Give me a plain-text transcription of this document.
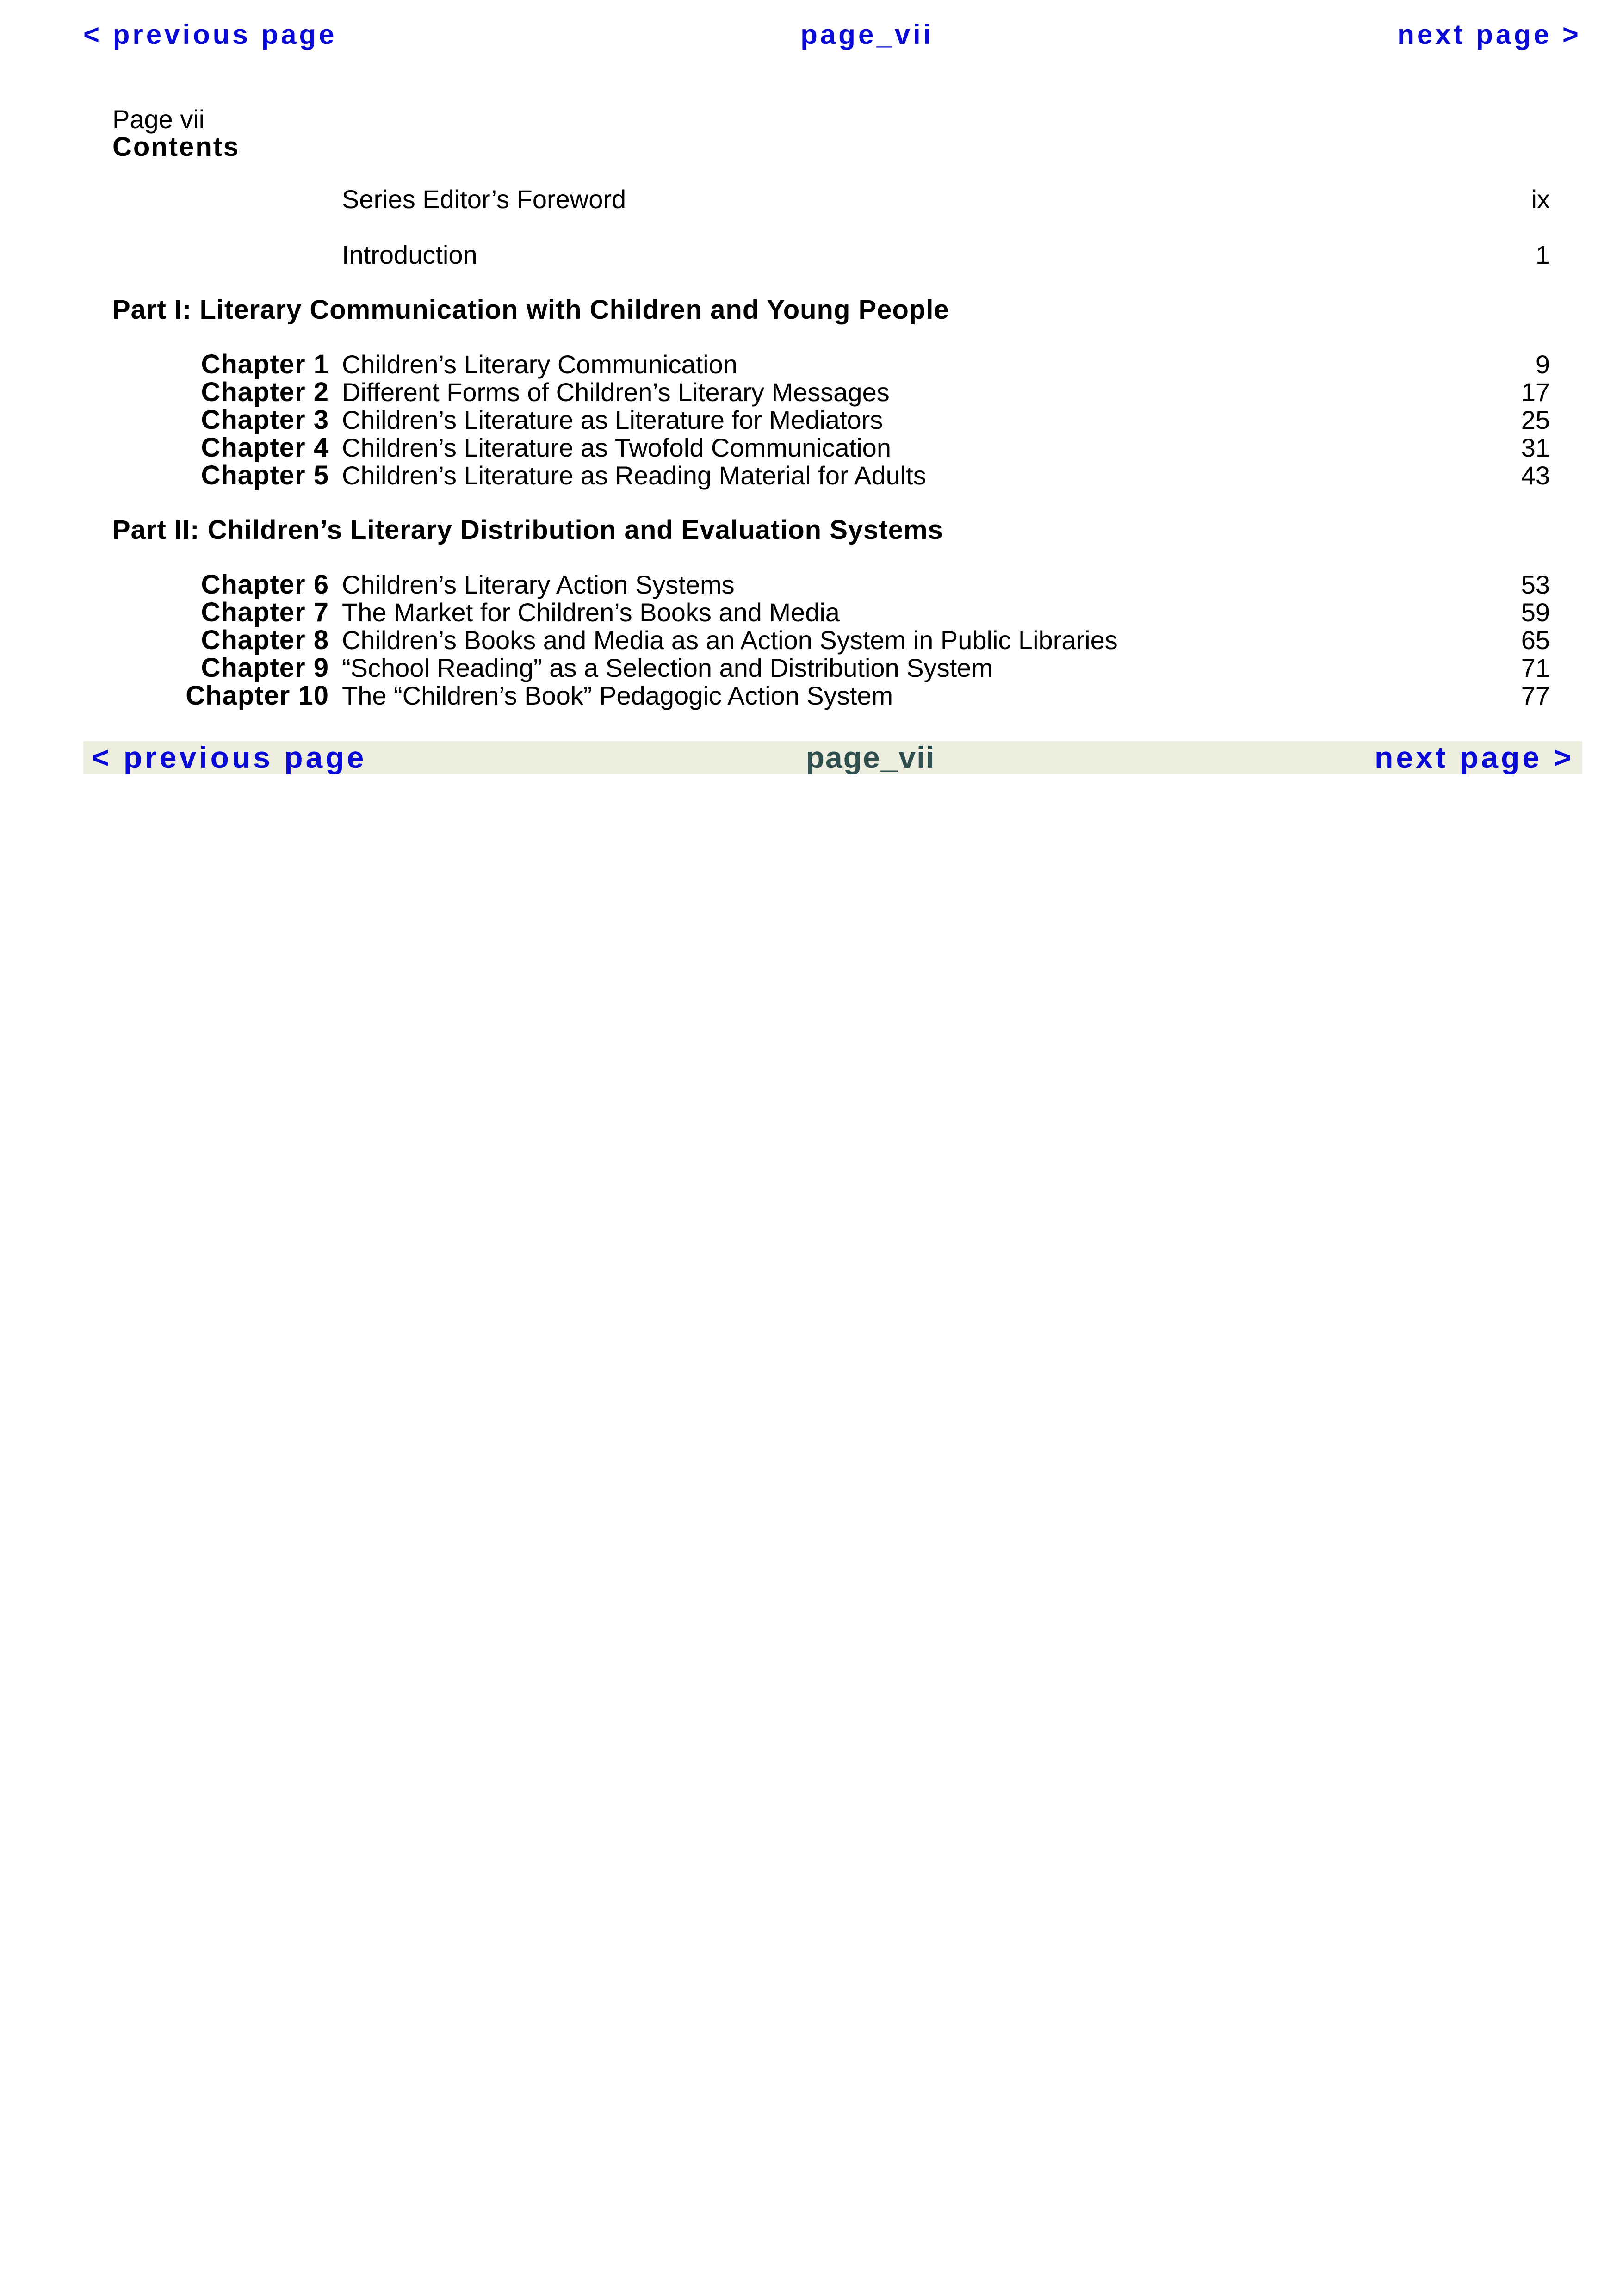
< previous page	page_vii	next page >
Page vii
Contents
Series Editor’s Foreword	ix
Introduction	1
Part I: Literary Communication with Children and Young People
Chapter 1 Children’s Literary Communication	9
Chapter 2 Different Forms of Children’s Literary Messages	17
Chapter 3 Children’s Literature as Literature for Mediators	25
Chapter 4 Children’s Literature as Twofold Communication	31
Chapter 5 Children’s Literature as Reading Material for Adults	43
Part II: Children’s Literary Distribution and Evaluation Systems
Chapter 6 Children’s Literary Action Systems	53
Chapter 7 The Market for Children’s Books and Media	59
Chapter 8 Children’s Books and Media as an Action System in Public Libraries	65
Chapter 9 “School Reading” as a Selection and Distribution System	71
Chapter 10 The “Children’s Book” Pedagogic Action System	77
< previous page	page_vii	next page >
